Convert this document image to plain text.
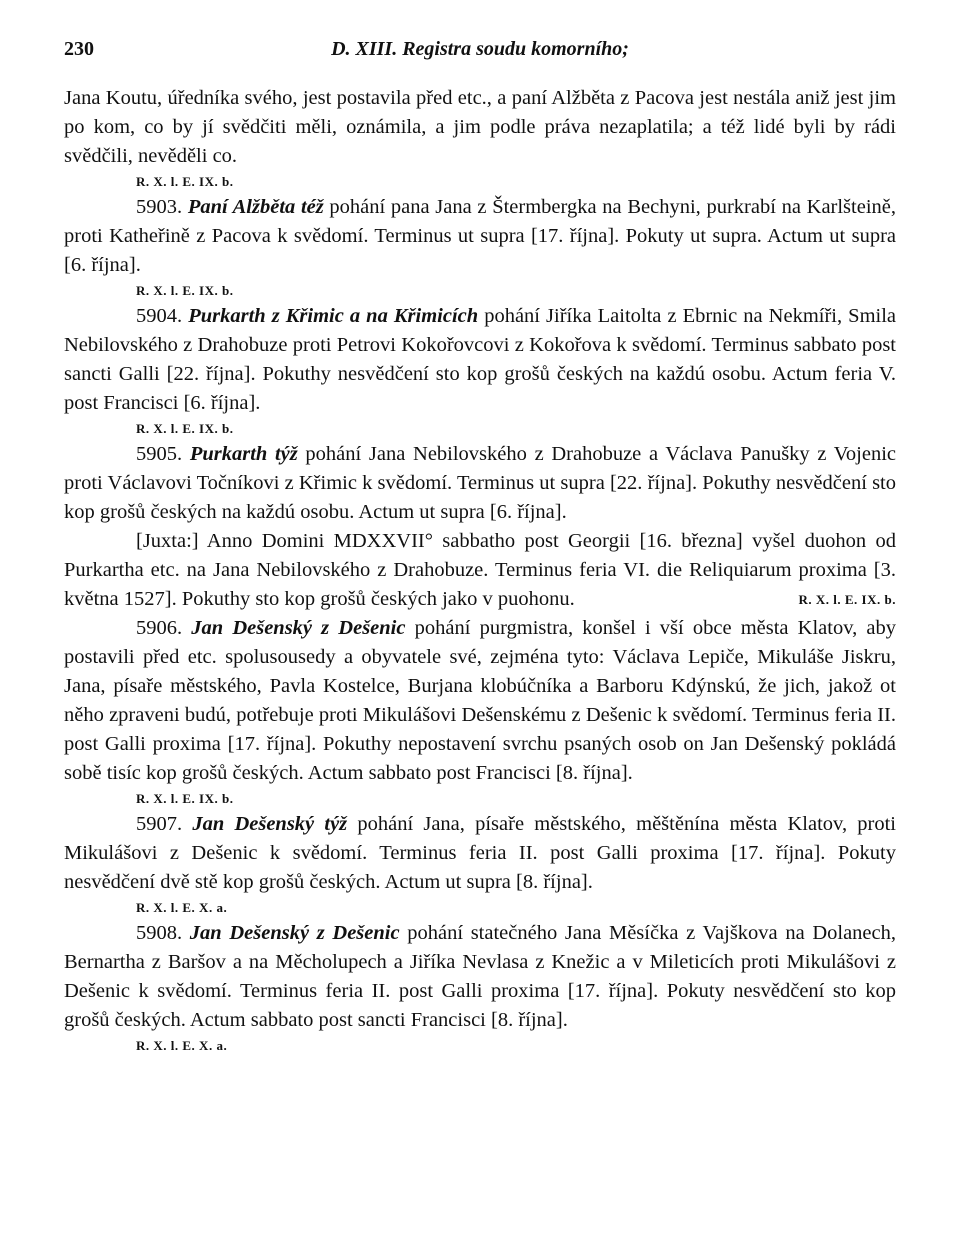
230	D. XIII. Registra soudu komorního;

Jana Koutu, úředníka svého, jest postavila před etc., a paní Alžběta z Pacova jest nestála aniž jest jim po kom, co by jí svědčiti měli, oznámila, a jim podle práva nezaplatila; a též lidé byli by rádi svědčili, nevěděli co.

R. X. l. E. IX. b.

5903. Paní Alžběta též pohání pana Jana z Štermbergka na Bechyni, purkrabí na Karlšteině, proti Katheřině z Pacova k svědomí. Terminus ut supra [17. října]. Pokuty ut supra. Actum ut supra [6. října].

R. X. l. E. IX. b.

5904. Purkarth z Křimic a na Křimicích pohání Jiříka Laitolta z Ebrnic na Nekmíři, Smila Nebilovského z Drahobuze proti Petrovi Kokořovcovi z Kokořova k svědomí. Terminus sabbato post sancti Galli [22. října]. Pokuthy nesvědčení sto kop grošů českých na každú osobu. Actum feria V. post Francisci [6. října].

R. X. l. E. IX. b.

5905. Purkarth týž pohání Jana Nebilovského z Drahobuze a Václava Panušky z Vojenic proti Václavovi Točníkovi z Křimic k svědomí. Terminus ut supra [22. října]. Pokuthy nesvědčení sto kop grošů českých na každú osobu. Actum ut supra [6. října].

[Juxta:] Anno Domini MDXXVII° sabbatho post Georgii [16. března] vyšel duohon od Purkartha etc. na Jana Nebilovského z Drahobuze. Terminus feria VI. die Reliquiarum proxima [3. května 1527]. Pokuthy sto kop grošů českých jako v puohonu.	R. X. l. E. IX. b.

5906. Jan Dešenský z Dešenic pohání purgmistra, konšel i vší obce města Klatov, aby postavili před etc. spolusousedy a obyvatele své, zejména tyto: Václava Lepiče, Mikuláše Jiskru, Jana, písaře městského, Pavla Kostelce, Burjana klobúčníka a Barboru Kdýnskú, že jich, jakož ot něho zpraveni budú, potřebuje proti Mikulášovi Dešenskému z Dešenic k svědomí. Terminus feria II. post Galli proxima [17. října]. Pokuthy nepostavení svrchu psaných osob on Jan Dešenský pokládá sobě tisíc kop grošů českých. Actum sabbato post Francisci [8. října].

R. X. l. E. IX. b.

5907. Jan Dešenský týž pohání Jana, písaře městského, měštěnína města Klatov, proti Mikulášovi z Dešenic k svědomí. Terminus feria II. post Galli proxima [17. října]. Pokuty nesvědčení dvě stě kop grošů českých. Actum ut supra [8. října].

R. X. l. E. X. a.

5908. Jan Dešenský z Dešenic pohání statečného Jana Měsíčka z Vajškova na Dolanech, Bernartha z Baršov a na Měcholupech a Jiříka Nevlasa z Knežic a v Mileticích proti Mikulášovi z Dešenic k svědomí. Terminus feria II. post Galli proxima [17. října]. Pokuty nesvědčení sto kop grošů českých. Actum sabbato post sancti Francisci [8. října].

R. X. l. E. X. a.
